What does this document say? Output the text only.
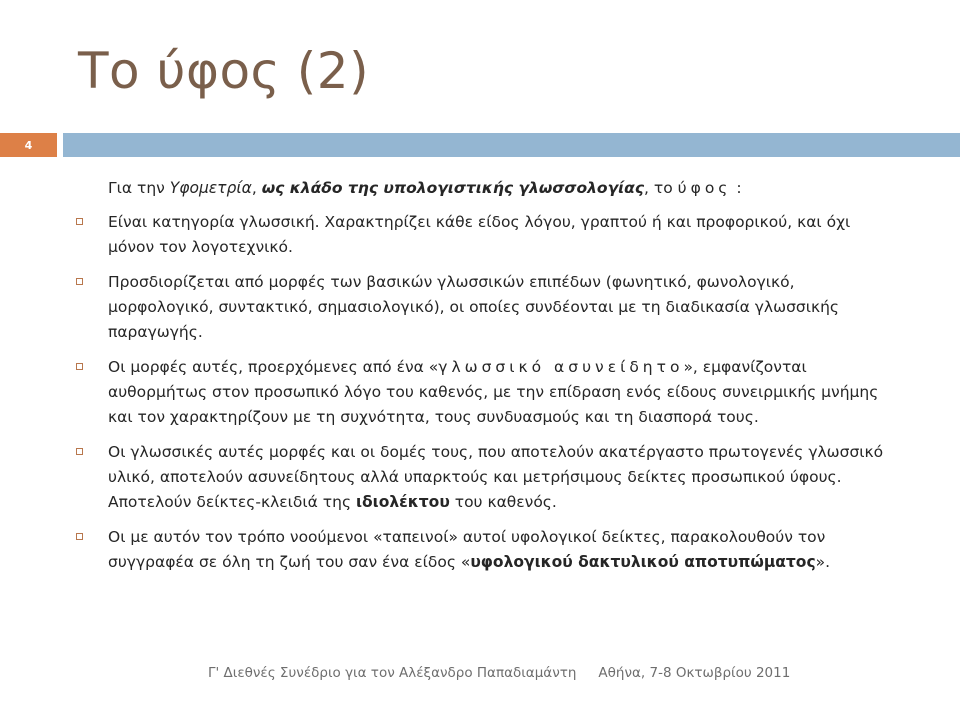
Το ύφος (2)
4
Για την Υφομετρία, ως κλάδο της υπολογιστικής γλωσσολογίας, το ύφος :
Είναι κατηγορία γλωσσική. Χαρακτηρίζει κάθε είδος λόγου, γραπτού ή και προφορικού, και όχι μόνον τον λογοτεχνικό.
Προσδιορίζεται από μορφές των βασικών γλωσσικών επιπέδων (φωνητικό, φωνολογικό, μορφολογικό, συντακτικό, σημασιολογικό), οι οποίες συνδέονται με τη διαδικασία γλωσσικής παραγωγής.
Οι μορφές αυτές, προερχόμενες από ένα «γλωσσικό ασυνείδητο», εμφανίζονται αυθορμήτως στον προσωπικό λόγο του καθενός, με την επίδραση ενός είδους συνειρμικής μνήμης και τον χαρακτηρίζουν με τη συχνότητα, τους συνδυασμούς και τη διασπορά τους.
Οι γλωσσικές αυτές μορφές και οι δομές τους, που αποτελούν ακατέργαστο πρωτογενές γλωσσικό υλικό, αποτελούν ασυνείδητους αλλά υπαρκτούς και μετρήσιμους δείκτες προσωπικού ύφους. Αποτελούν δείκτες-κλειδιά της ιδιολέκτου του καθενός.
Οι με αυτόν τον τρόπο νοούμενοι «ταπεινοί» αυτοί υφολογικοί δείκτες, παρακολουθούν τον συγγραφέα σε όλη τη ζωή του σαν ένα είδος «υφολογικού δακτυλικού αποτυπώματος».
Γ' Διεθνές Συνέδριο για τον Αλέξανδρο Παπαδιαμάντη Αθήνα, 7-8 Οκτωβρίου 2011
